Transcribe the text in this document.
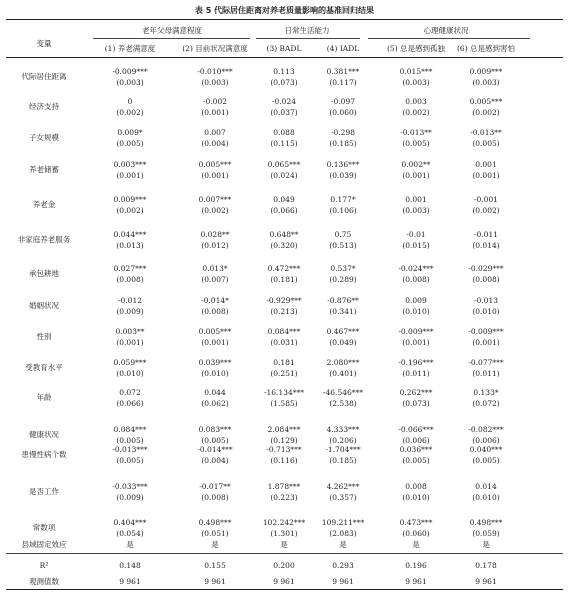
表 5 代际居住距离对养老质量影响的基准回归结果
变量
老年父母满意程度	日常生活能力	心理健康状况
(1) 养老满意度	(2) 目前状况满意度	(3) BADL	(4) IADL	(5) 总是感到孤独 (6) 总是感到害怕
代际居住距离
-0.009***	-0.010***	0.113	0.381***	0.015***	0.009***
(0.003)	(0.003)	(0.073)	(0.117)	(0.003)	(0.003)
经济支持
0	-0.002	-0.024	-0.097	0.003	0.005***
(0.002)	(0.001)	(0.037)	(0.060)	(0.002)	(0.002)
子女规模
0.009*	0.007	0.088	-0.298	-0.013**	-0.013**
(0.005)	(0.004)	(0.115)	(0.185)	(0.005)	(0.005)
养老储蓄
0.003***	0.005***	0.065***	0.136***	0.002**	0.001
(0.001)	(0.001)	(0.024)	(0.039)	(0.001)	(0.001)
养老金
0.009***	0.007***	0.049	0.177*	0.001	-0.001
(0.002)	(0.002)	(0.066)	(0.106)	(0.003)	(0.002)
非家庭养老服务
0.044***	0.028**	0.648**	0.75	-0.01	-0.011
(0.013)	(0.012)	(0.320)	(0.513)	(0.015)	(0.014)
承包耕地
0.027***	0.013*	0.472***	0.537*	-0.024***	-0.029***
(0.008)	(0.007)	(0.181)	(0.289)	(0.008)	(0.008)
婚姻状况
-0.012	-0.014*	-0.929***	-0.876**	0.009	-0.013
(0.009)	(0.008)	(0.213)	(0.341)	(0.010)	(0.010)
性别
0.003**	0.005***	0.084***	0.467***	-0.009***	-0.009***
(0.001)	(0.001)	(0.031)	(0.049)	(0.001)	(0.001)
受教育水平
0.059***	0.039***	0.181	2.080***	-0.196***	-0.077***
(0.010)	(0.010)	(0.251)	(0.401)	(0.011)	(0.011)
年龄
0.072	0.044	-16.134***	-46.546***	0.262***	0.133*
(0.066)	(0.062)	(1.585)	(2.538)	(0.073)	(0.072)
健康状况
0.084***	0.083***	2.084***	4.333***	-0.066***	-0.082***
(0.005)	(0.005)	(0.129)	(0.206)	(0.006)	(0.006)
患慢性病个数
-0.013***	-0.014***	-0.713***	-1.704***	0.036***	0.040***
(0.005)	(0.004)	(0.116)	(0.185)	(0.005)	(0.005)
是否工作
-0.033***	-0.017**	1.878***	4.262***	0.008	0.014
(0.009)	(0.008)	(0.223)	(0.357)	(0.010)	(0.010)
常数项
0.404***	0.498***	102.242*** 109.211***	0.473***	0.498***
(0.054)	(0.051)	(1.301)	(2.083)	(0.060)	(0.059)
县域固定效应	是	是	是	是	是	是
R²	0.148	0.155	0.200	0.293	0.196	0.178
观测值数	9 961	9 961	9 961	9 961	9 961	9 961
